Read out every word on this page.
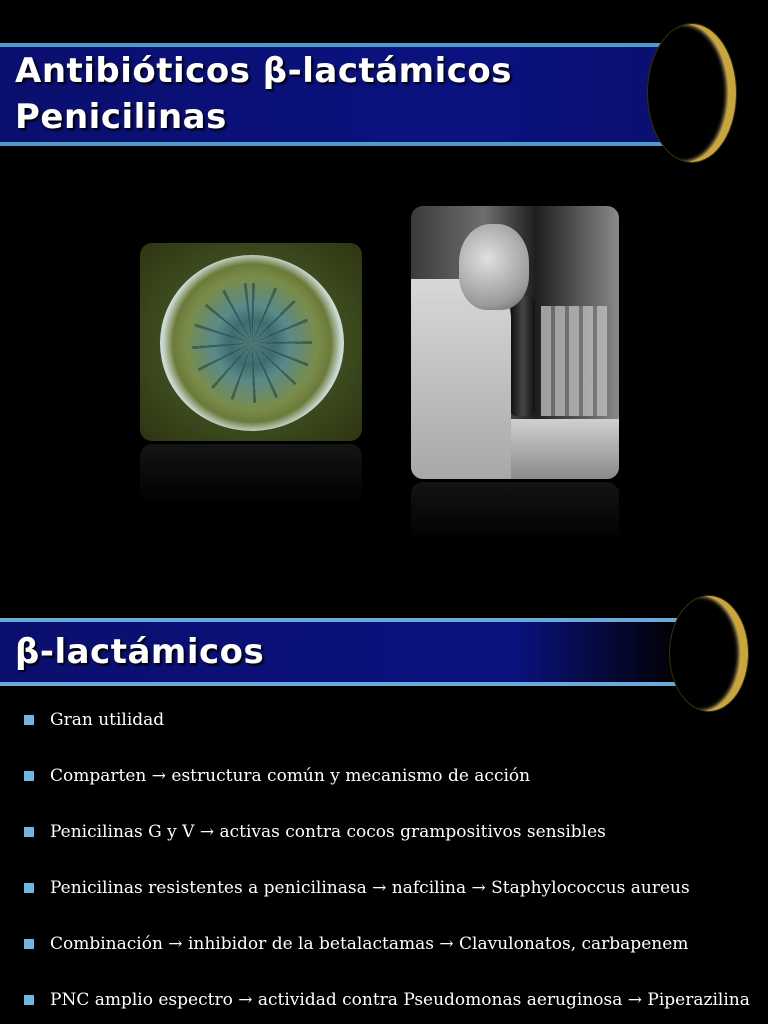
Antibióticos β-lactámicos
Penicilinas
β-lactámicos
Gran utilidad
Comparten → estructura común y mecanismo de acción
Penicilinas G y V → activas contra cocos grampositivos sensibles
Penicilinas resistentes a penicilinasa → nafcilina → Staphylococcus aureus
Combinación → inhibidor de la betalactamas → Clavulonatos, carbapenem
PNC amplio espectro → actividad contra Pseudomonas aeruginosa → Piperazilina
